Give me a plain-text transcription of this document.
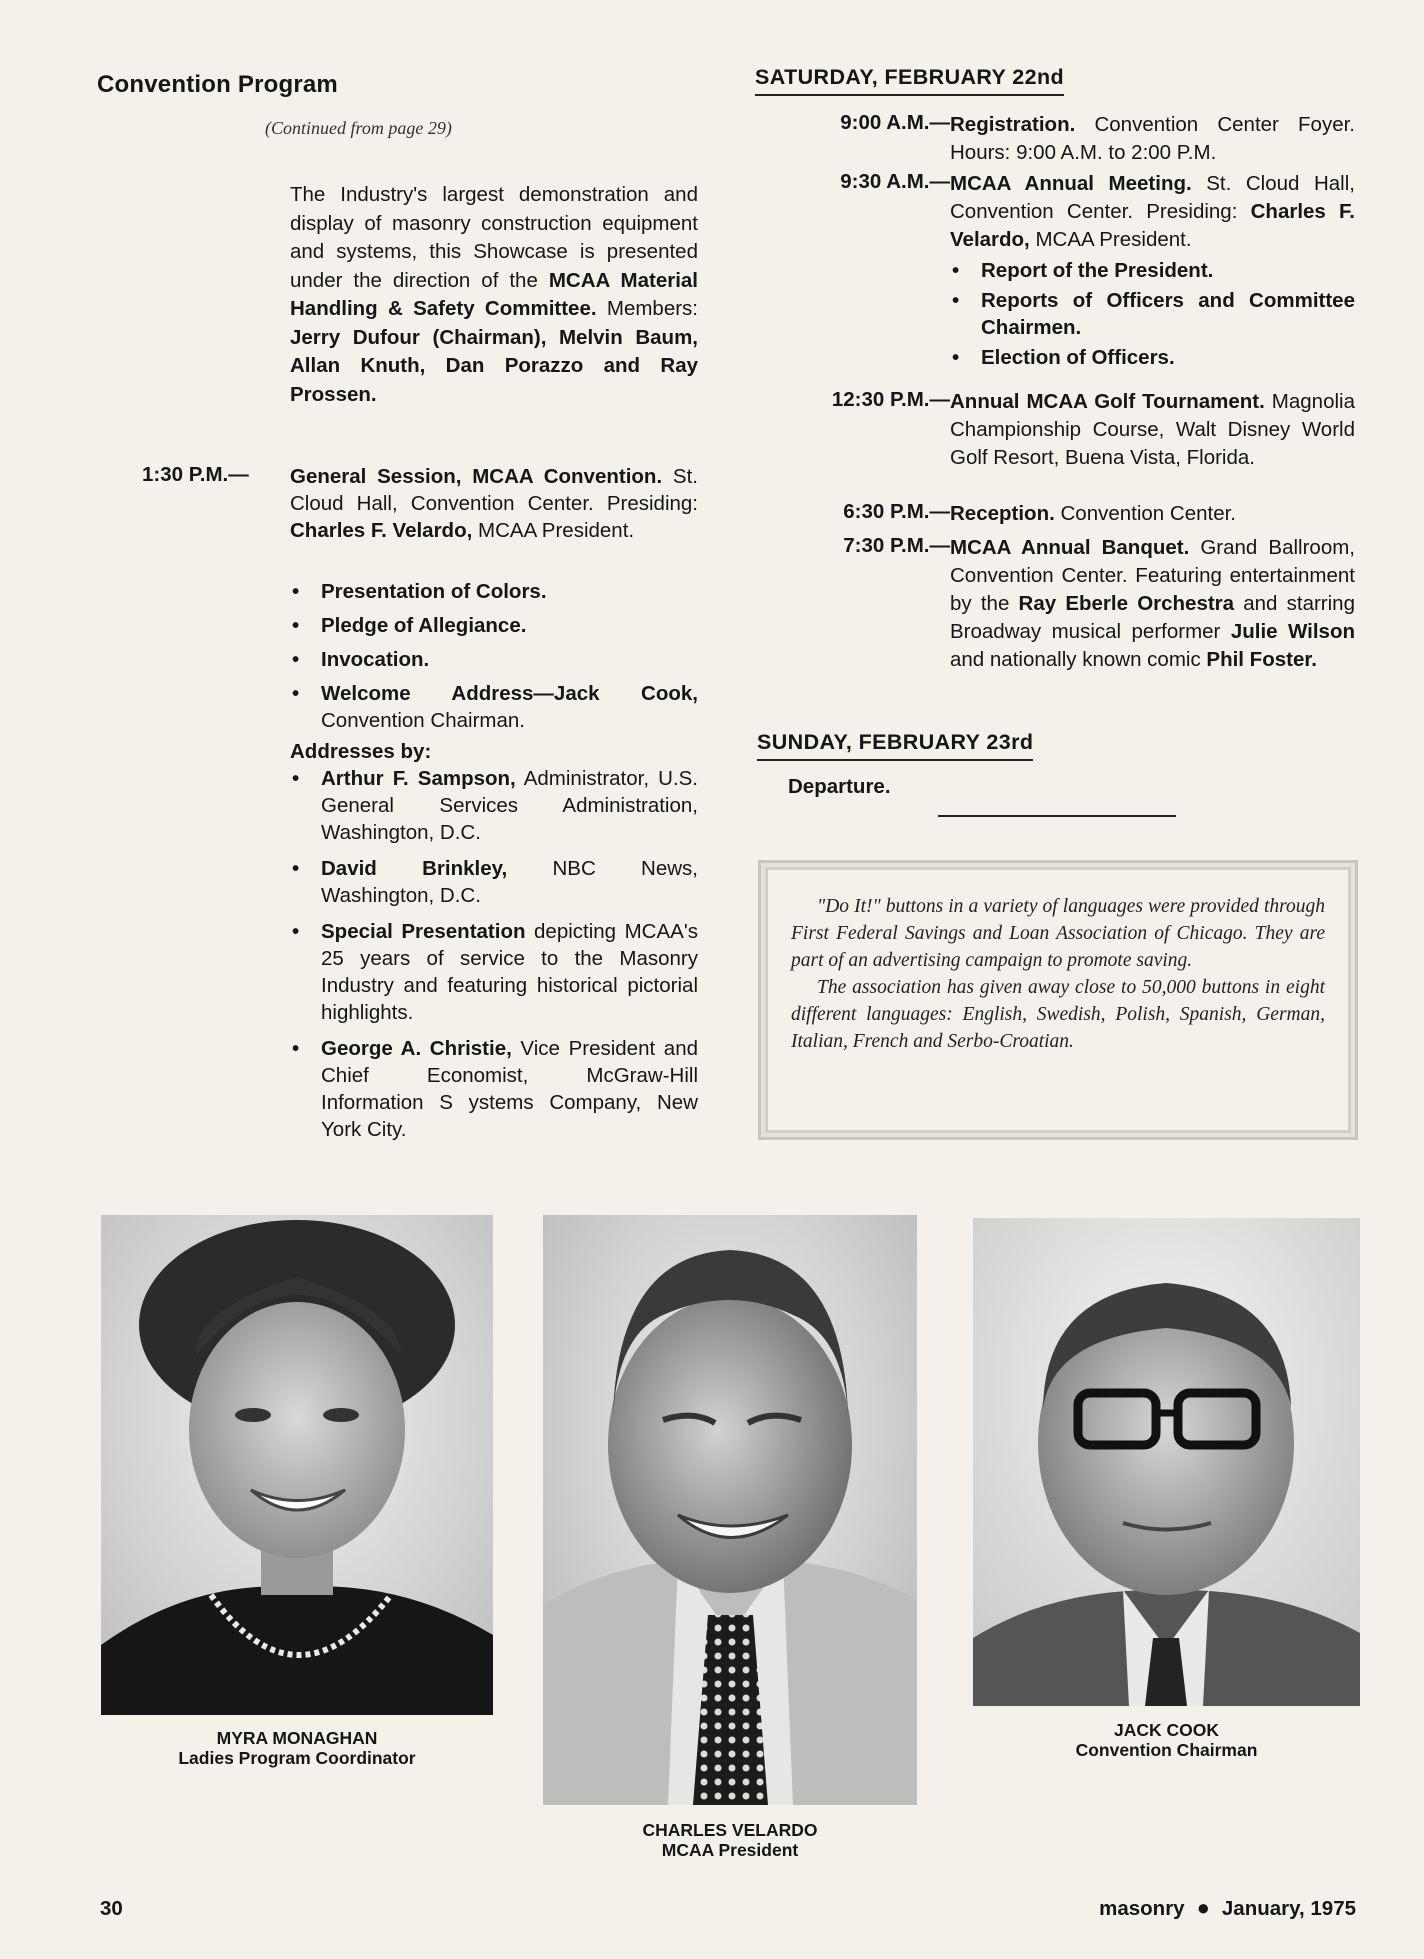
Convention Program
(Continued from page 29)
The Industry's largest demonstration and display of masonry construction equipment and systems, this Showcase is presented under the direction of the MCAA Material Handling & Safety Committee. Members: Jerry Dufour (Chairman), Melvin Baum, Allan Knuth, Dan Porazzo and Ray Prossen.
1:30 P.M.— General Session, MCAA Convention. St. Cloud Hall, Convention Center. Presiding: Charles F. Velardo, MCAA President.
• Presentation of Colors.
• Pledge of Allegiance.
• Invocation.
• Welcome Address—Jack Cook, Convention Chairman.
Addresses by:
• Arthur F. Sampson, Administrator, U.S. General Services Administration, Washington, D.C.
• David Brinkley, NBC News, Washington, D.C.
• Special Presentation depicting MCAA's 25 years of service to the Masonry Industry and featuring historical pictorial highlights.
• George A. Christie, Vice President and Chief Economist, McGraw-Hill Information S ystems Company, New York City.
SATURDAY, FEBRUARY 22nd
9:00 A.M.— Registration. Convention Center Foyer. Hours: 9:00 A.M. to 2:00 P.M.
9:30 A.M.— MCAA Annual Meeting. St. Cloud Hall, Convention Center. Presiding: Charles F. Velardo, MCAA President.
• Report of the President.
• Reports of Officers and Committee Chairmen.
• Election of Officers.
12:30 P.M.— Annual MCAA Golf Tournament. Magnolia Championship Course, Walt Disney World Golf Resort, Buena Vista, Florida.
6:30 P.M.— Reception. Convention Center.
7:30 P.M.— MCAA Annual Banquet. Grand Ballroom, Convention Center. Featuring entertainment by the Ray Eberle Orchestra and starring Broadway musical performer Julie Wilson and nationally known comic Phil Foster.
SUNDAY, FEBRUARY 23rd
Departure.

"Do It!" buttons in a variety of languages were provided through First Federal Savings and Loan Association of Chicago. They are part of an advertising campaign to promote saving.

The association has given away close to 50,000 buttons in eight different languages: English, Swedish, Polish, Spanish, German, Italian, French and Serbo-Croatian.

MYRA MONAGHAN
Ladies Program Coordinator
CHARLES VELARDO
MCAA President
JACK COOK
Convention Chairman
30	masonry ● January, 1975
